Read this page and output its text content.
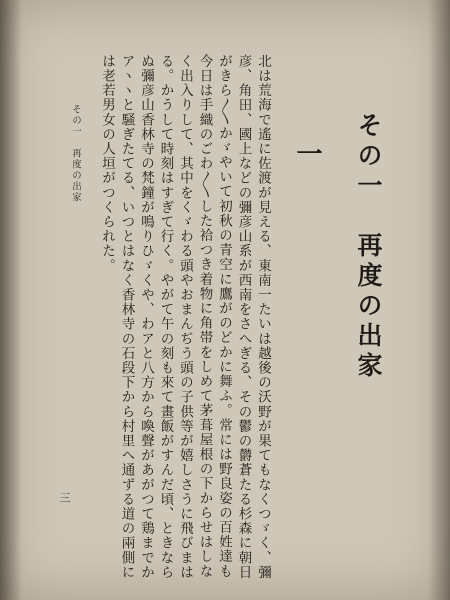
その一　再度の出家
一

北は荒海で遙に佐渡が見える、東南一たいは越後の沃野が果てもなくつゞく、彌彦、角田、國上などの彌彦山系が西南をさへぎる、その鬱の欝蒼たる杉森に朝日がきら〳〵かゞやいて初秋の青空に鷹がのどかに舞ふ。常には野良姿の百姓達も今日は手織のごわ〳〵した袷つき着物に角帯をしめて茅葺屋根の下からせはしなく出入りして、其中をくゞわる頭やおまんぢう頭の子供等が嬉しさうに飛びまはる。かうして時刻はすぎて行く。やがて午の刻も來て畫飯がすんだ頃、ときならぬ彌彦山香林寺の梵鐘が鳴りひゞくや、わアと八方から喚聲があがつて鶏までかアヽヽと騒ぎたてる、いつとはなく香林寺の石段下から村里へ通ずる道の兩側には老若男女の人垣がつくられた。

その一　再度の出家
三
